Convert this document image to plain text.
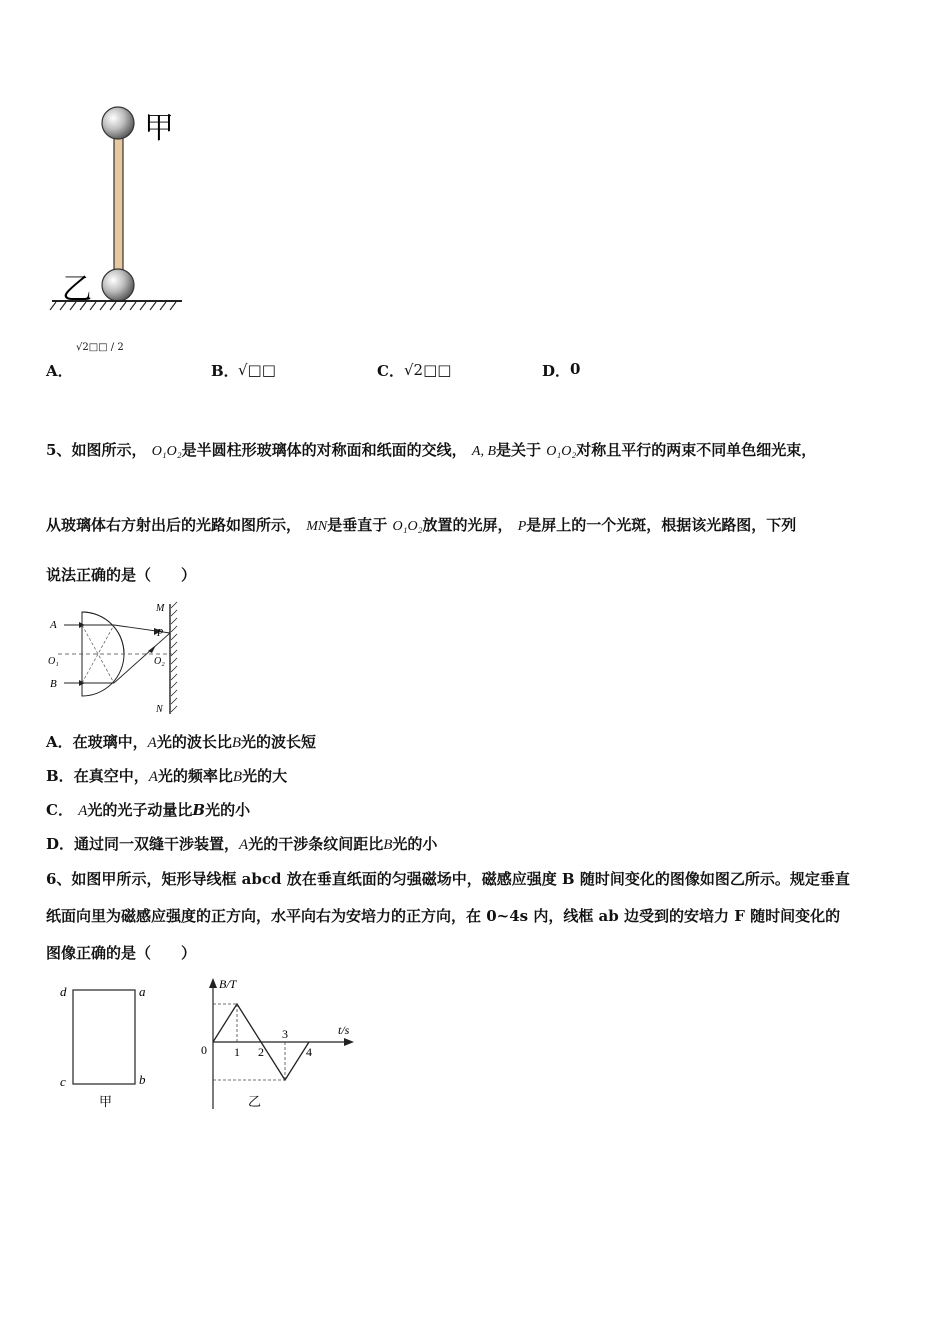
甲
乙
A．
√2□□ / 2
B． √□□	C． √2□□	D． 0
5、如图所示， O₁O₂是半圆柱形玻璃体的对称面和纸面的交线， A, B是关于 O₁O₂对称且平行的两束不同单色细光束，
从玻璃体右方射出后的光路如图所示， MN是垂直于 O₁O₂放置的光屏， P是屏上的一个光斑，根据该光路图，下列
说法正确的是（　　）
A
B
O₁	O₂
M
N
P
A．在玻璃中，A光的波长比B光的波长短
B．在真空中，A光的频率比B光的大
C． A光的光子动量比B光的小
D．通过同一双缝干涉装置，A光的干涉条纹间距比B光的小
6、如图甲所示，矩形导线框 abcd 放在垂直纸面的匀强磁场中，磁感应强度 B 随时间变化的图像如图乙所示。规定垂直
纸面向里为磁感应强度的正方向，水平向右为安培力的正方向，在 0~4s 内，线框 ab 边受到的安培力 F 随时间变化的
图像正确的是（　　）
d	a
c	b
甲
B/T
t/s
0
乙
1 2
3
4
